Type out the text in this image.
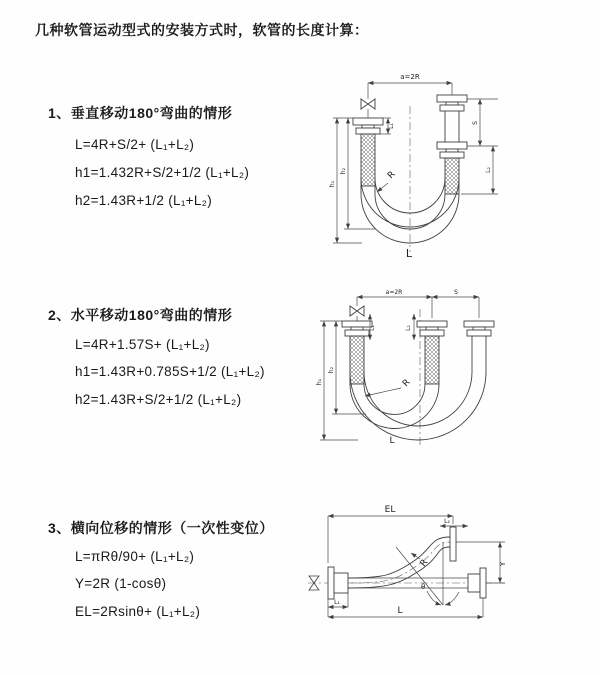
几种软管运动型式的安装方式时，软管的长度计算：
1、垂直移动180°弯曲的情形
L=4R+S/2+ (L₁+L₂)
h1=1.432R+S/2+1/2 (L₁+L₂)
h2=1.43R+1/2 (L₁+L₂)
2、水平移动180°弯曲的情形
L=4R+1.57S+ (L₁+L₂)
h1=1.43R+0.785S+1/2 (L₁+L₂)
h2=1.43R+S/2+1/2 (L₁+L₂)
3、横向位移的情形（一次性变位）
L=πRθ/90+ (L₁+L₂)
Y=2R (1-cosθ)
EL=2Rsinθ+ (L₁+L₂)
a=2R
h₁
h₂
L₁
S
L₂
R
L
a=2R	S
h₁
h₂
L₁	L₂
R
L
θ
EL
L₂
Y
L
L₁
R
